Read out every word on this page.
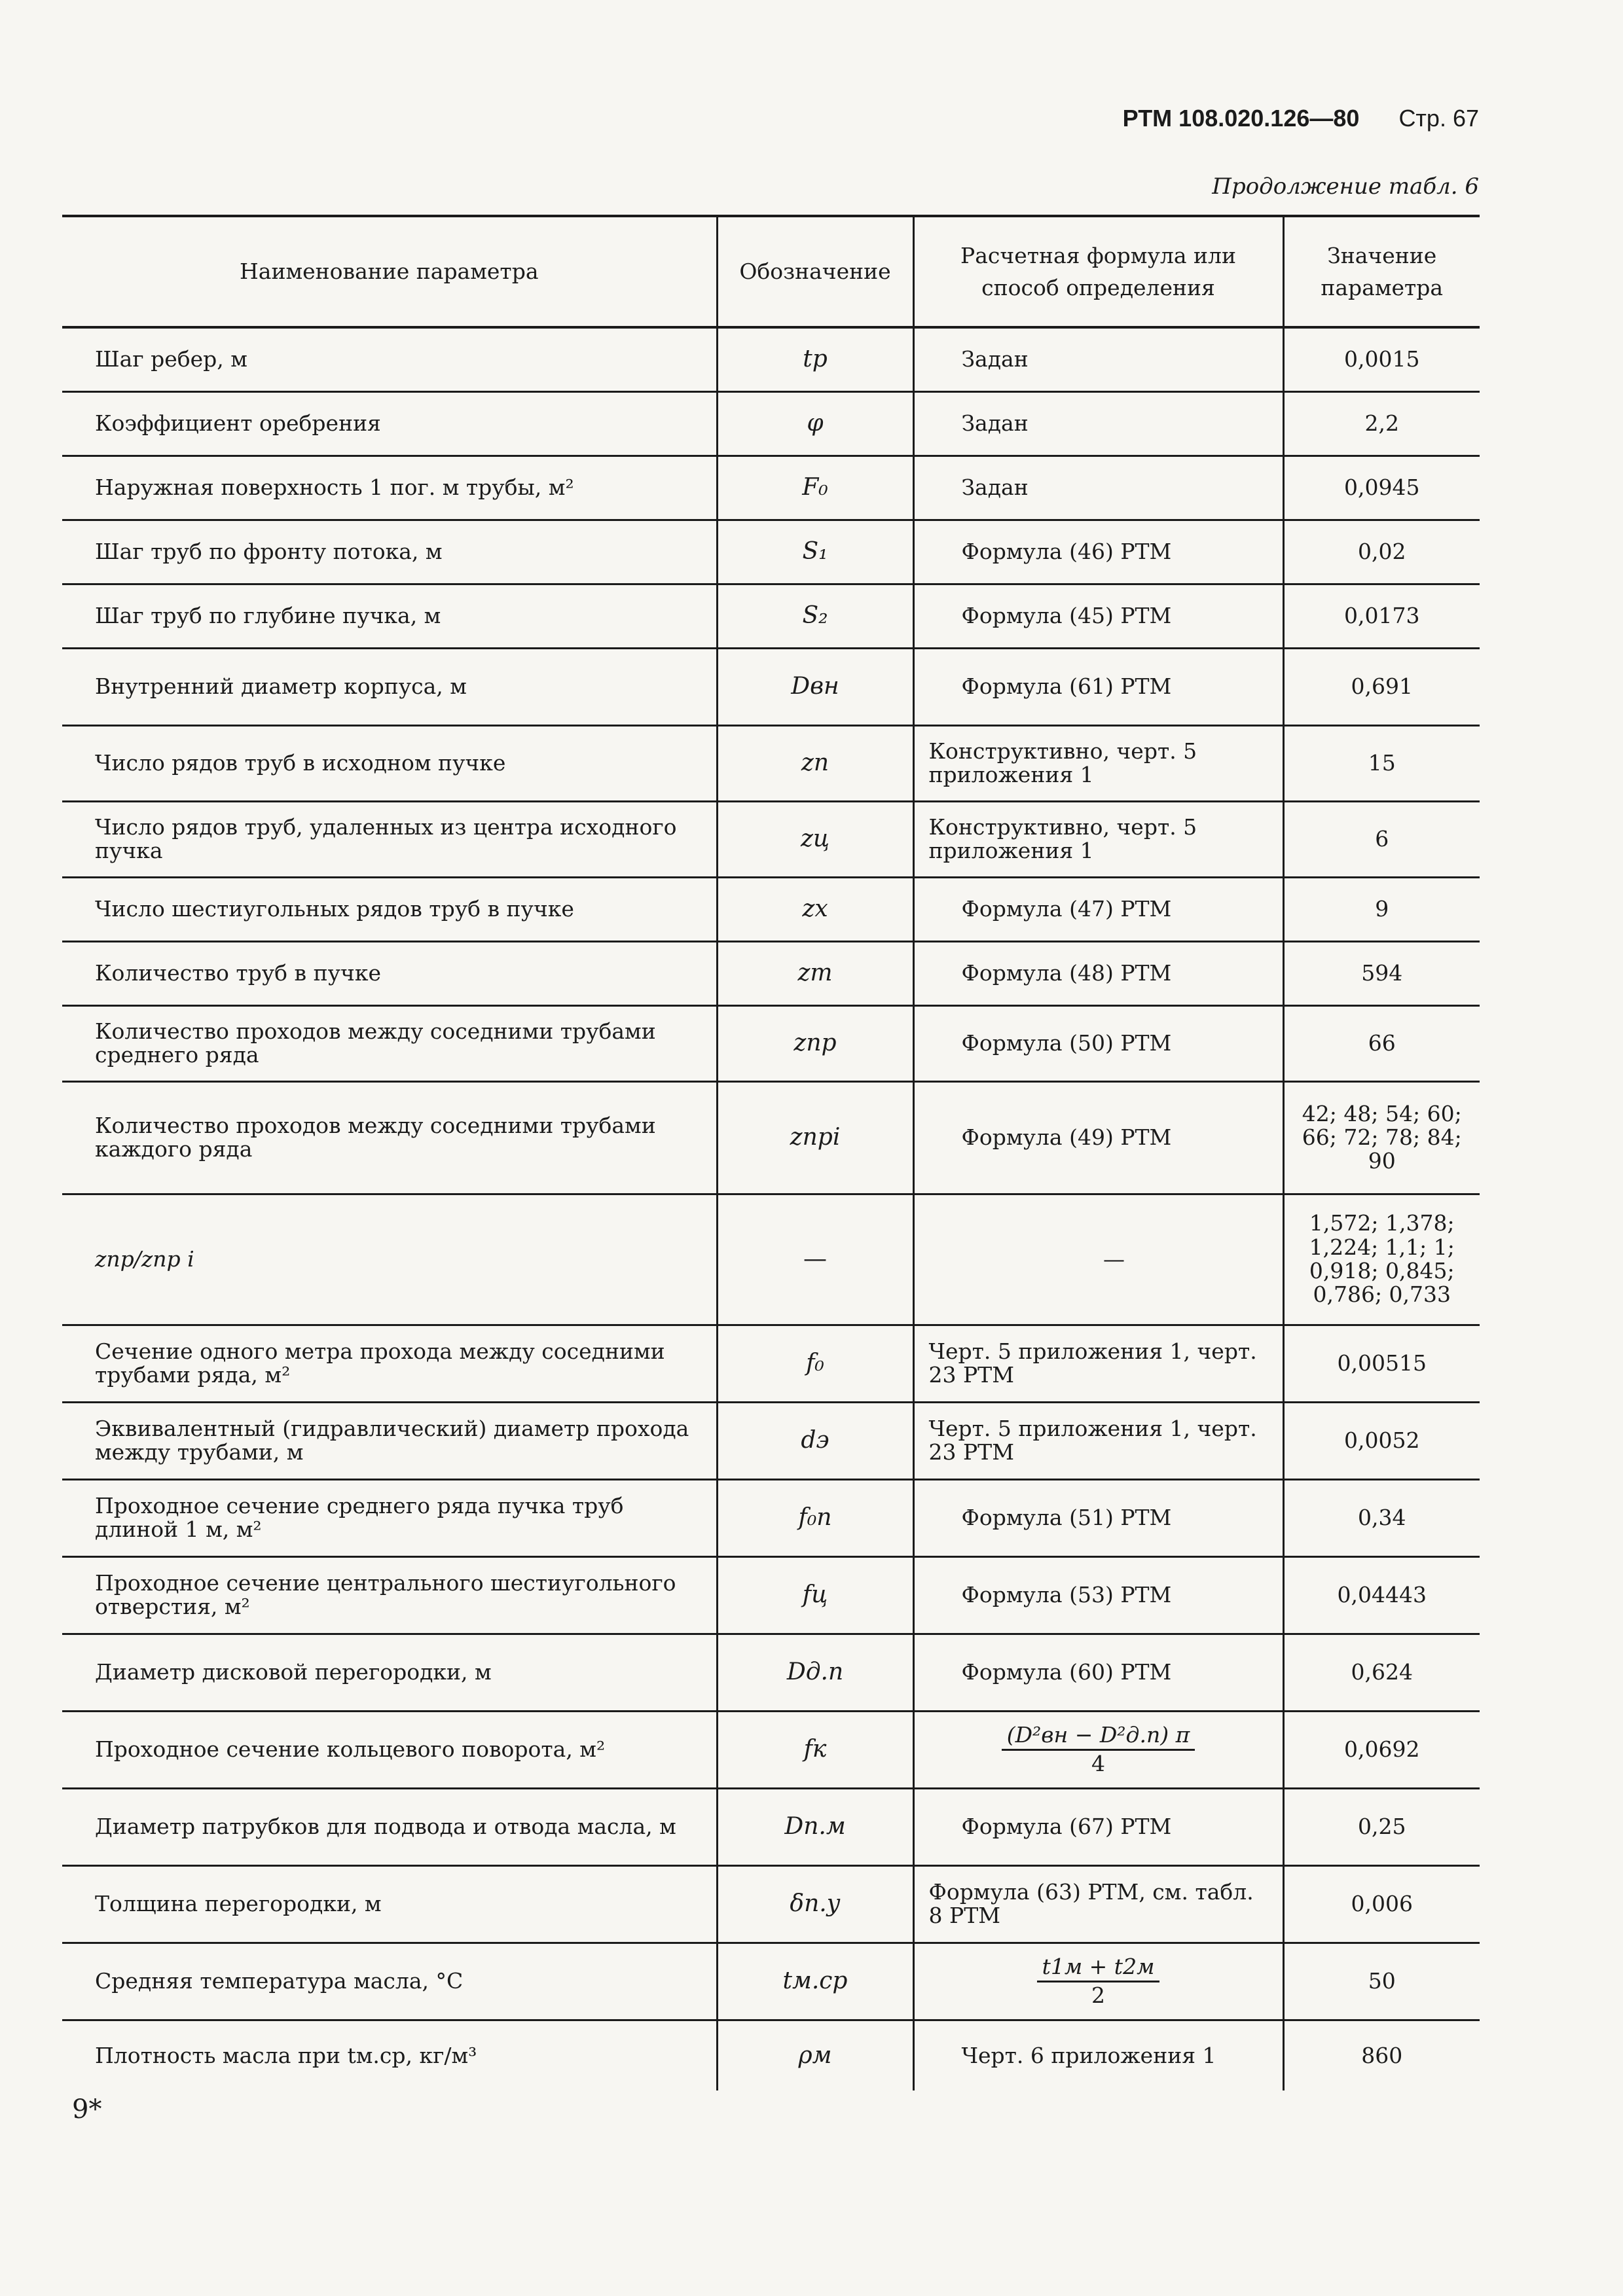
РТМ 108.020.126—80 Стр. 67
Продолжение табл. 6
Наименование параметра	Обозначение	Расчетная формула или способ определения	Значение параметра
Шаг ребер, м	tр	Задан	0,0015
Коэффициент оребрения	φ	Задан	2,2
Наружная поверхность 1 пог. м трубы, м²	F₀	Задан	0,0945
Шаг труб по фронту потока, м	S₁	Формула (46) РТМ	0,02
Шаг труб по глубине пучка, м	S₂	Формула (45) РТМ	0,0173
Внутренний диаметр корпуса, м	Dвн	Формула (61) РТМ	0,691
Число рядов труб в исходном пучке	zп	Конструктивно, черт. 5 приложения 1	15
Число рядов труб, удаленных из центра исходного пучка	zц	Конструктивно, черт. 5 приложения 1	6
Число шестиугольных рядов труб в пучке	zх	Формула (47) РТМ	9
Количество труб в пучке	zт	Формула (48) РТМ	594
Количество проходов между соседними трубами среднего ряда	zпр	Формула (50) РТМ	66
Количество проходов между соседними трубами каждого ряда	zпрi	Формула (49) РТМ	42; 48; 54; 60; 66; 72; 78; 84; 90
zпр/zпр i	—	—	1,572; 1,378; 1,224; 1,1; 1; 0,918; 0,845; 0,786; 0,733
Сечение одного метра прохода между соседними трубами ряда, м²	f₀	Черт. 5 приложения 1, черт. 23 РТМ	0,00515
Эквивалентный (гидравлический) диаметр прохода между трубами, м	dэ	Черт. 5 приложения 1, черт. 23 РТМ	0,0052
Проходное сечение среднего ряда пучка труб длиной 1 м, м²	f₀п	Формула (51) РТМ	0,34
Проходное сечение центрального шестиугольного отверстия, м²	fц	Формула (53) РТМ	0,04443
Диаметр дисковой перегородки, м	Dд.п	Формула (60) РТМ	0,624
Проходное сечение кольцевого поворота, м²	fк	$\frac{\text{(D²вн − D²д.п) π}}{4}$	0,0692
Диаметр патрубков для подвода и отвода масла, м	Dп.м	Формула (67) РТМ	0,25
Толщина перегородки, м	δп.у	Формула (63) РТМ, см. табл. 8 РТМ	0,006
Средняя температура масла, °C	tм.ср	$\frac{t1м + t2м}{2}$	50
Плотность масла при tм.ср, кг/м³	ρм	Черт. 6 приложения 1	860
9*
